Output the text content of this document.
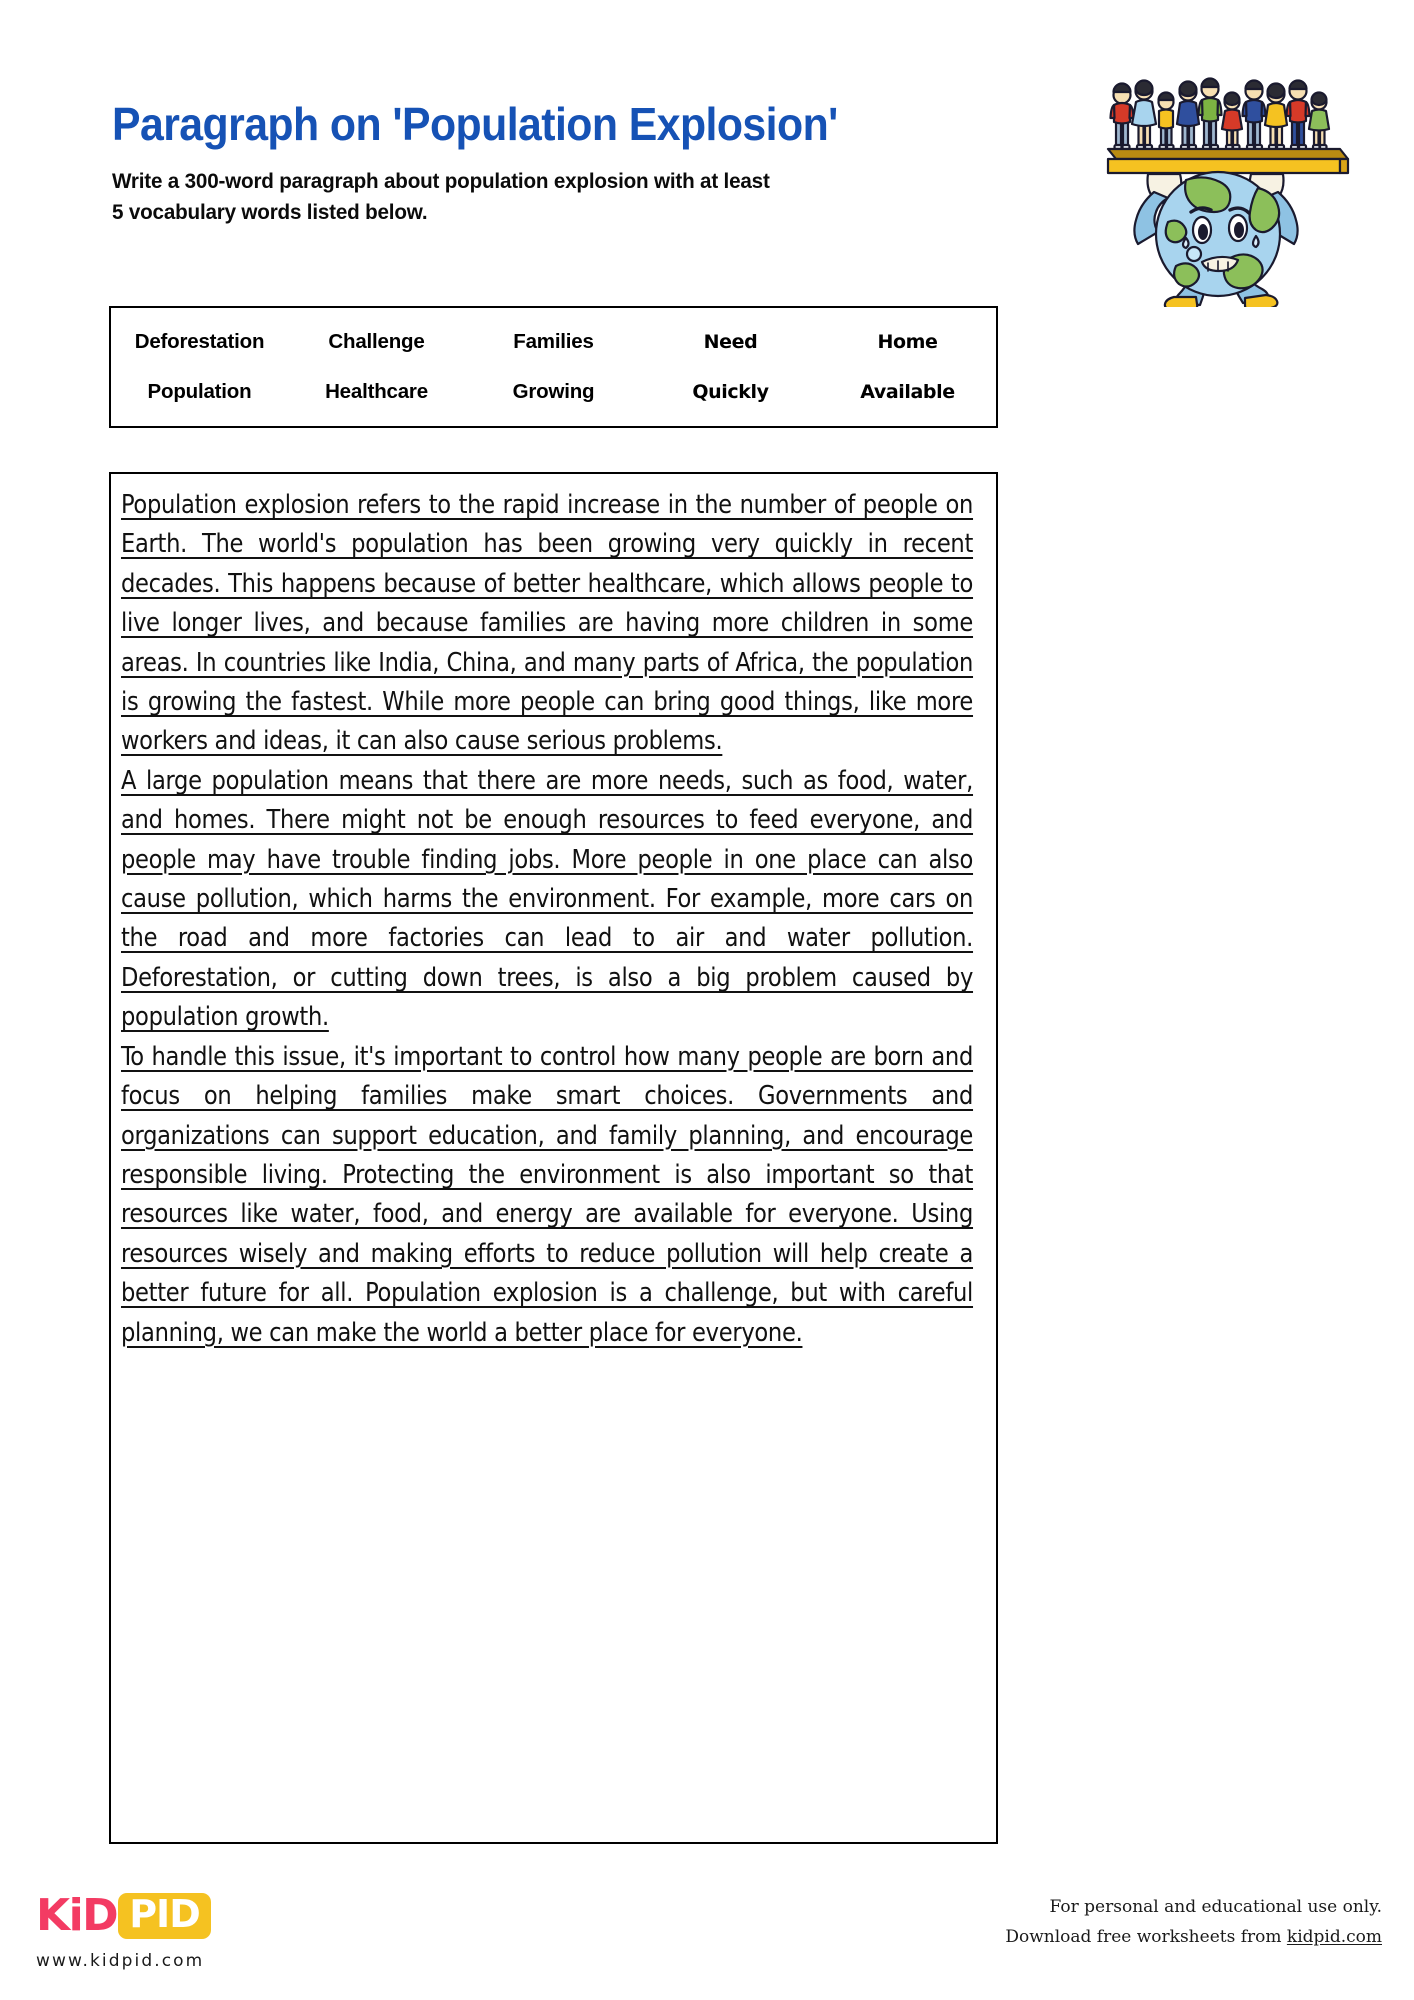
Paragraph on 'Population Explosion'
Write a 300-word paragraph about population explosion with at least
5 vocabulary words listed below.
Deforestation	Challenge	Families	Need	Home
Population	Healthcare	Growing	Quickly	Available

Population explosion refers to the rapid increase in the number of people on Earth. The world's population has been growing very quickly in recent decades. This happens because of better healthcare, which allows people to live longer lives, and because families are having more children in some areas. In countries like India, China, and many parts of Africa, the population is growing the fastest. While more people can bring good things, like more workers and ideas, it can also cause serious problems.

A large population means that there are more needs, such as food, water, and homes. There might not be enough resources to feed everyone, and people may have trouble finding jobs. More people in one place can also cause pollution, which harms the environment. For example, more cars on the road and more factories can lead to air and water pollution. Deforestation, or cutting down trees, is also a big problem caused by population growth.

To handle this issue, it's important to control how many people are born and focus on helping families make smart choices. Governments and organizations can support education, and family planning, and encourage responsible living. Protecting the environment is also important so that resources like water, food, and energy are available for everyone. Using resources wisely and making efforts to reduce pollution will help create a better future for all. Population explosion is a challenge, but with careful planning, we can make the world a better place for everyone.

KiD PID
www.kidpid.com
For personal and educational use only.
Download free worksheets from kidpid.com
